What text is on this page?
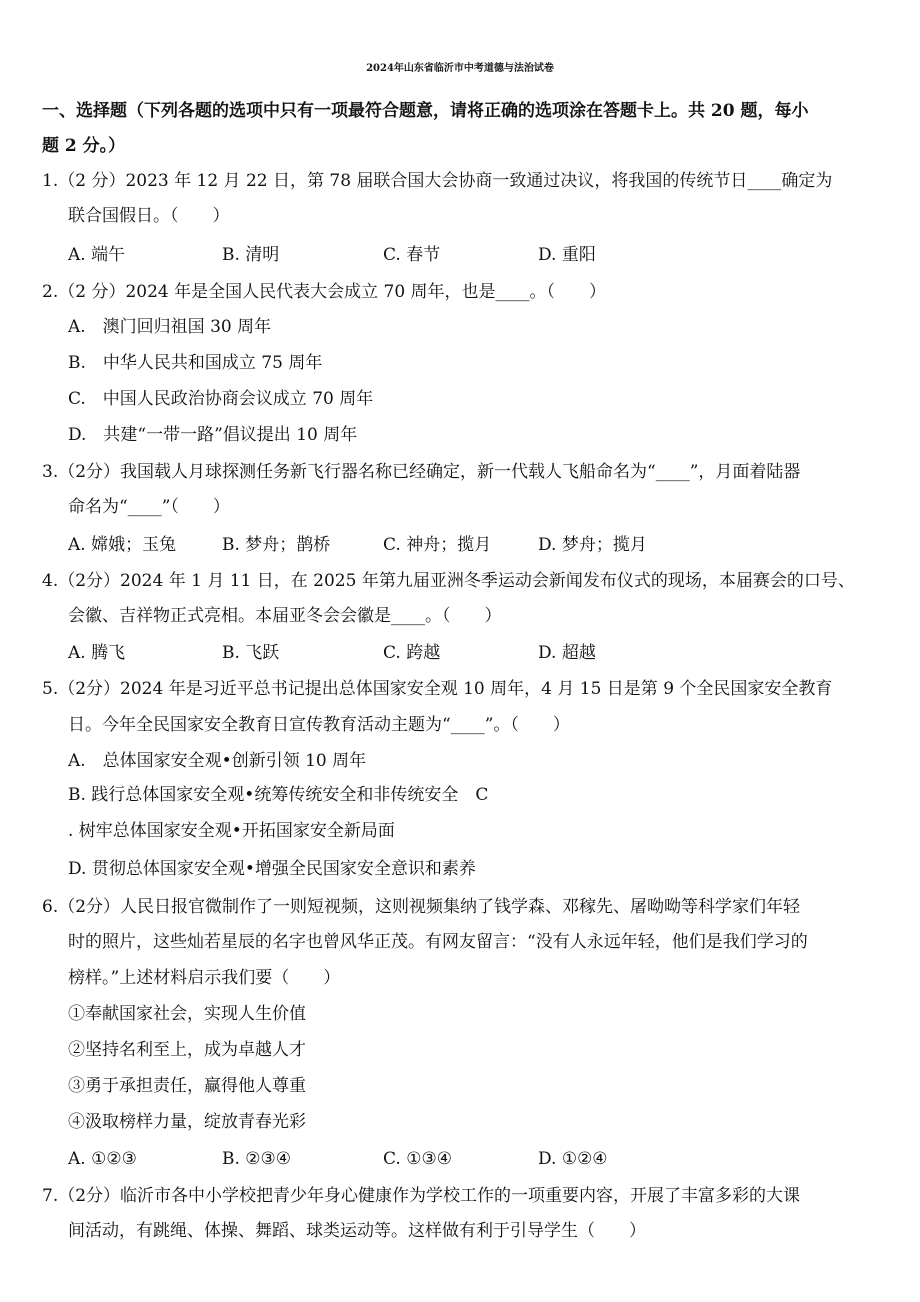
2024年山东省临沂市中考道德与法治试卷
一、选择题（下列各题的选项中只有一项最符合题意，请将正确的选项涂在答题卡上。共 20 题，每小
题 2 分。）
1.（2 分）2023 年 12 月 22 日，第 78 届联合国大会协商一致通过决议，将我国的传统节日____确定为
联合国假日。（　　）
A. 端午	B. 清明	C. 春节	D. 重阳
2.（2 分）2024 年是全国人民代表大会成立 70 周年，也是____。（　　）
A.　澳门回归祖国 30 周年
B.　中华人民共和国成立 75 周年
C.　中国人民政治协商会议成立 70 周年
D.　共建“一带一路”倡议提出 10 周年
3.（2分）我国载人月球探测任务新飞行器名称已经确定，新一代载人飞船命名为“____”，月面着陆器
命名为“____”（　　）
A. 嫦娥；玉兔	B. 梦舟；鹊桥	C. 神舟；揽月	D. 梦舟；揽月
4.（2分）2024 年 1 月 11 日，在 2025 年第九届亚洲冬季运动会新闻发布仪式的现场，本届赛会的口号、
会徽、吉祥物正式亮相。本届亚冬会会徽是____。（　　）
A. 腾飞	B. 飞跃	C. 跨越	D. 超越
5.（2分）2024 年是习近平总书记提出总体国家安全观 10 周年，4 月 15 日是第 9 个全民国家安全教育
日。今年全民国家安全教育日宣传教育活动主题为“____”。（　　）
A.　总体国家安全观•创新引领 10 周年
B. 践行总体国家安全观•统筹传统安全和非传统安全　C
. 树牢总体国家安全观•开拓国家安全新局面
D. 贯彻总体国家安全观•增强全民国家安全意识和素养
6.（2分）人民日报官微制作了一则短视频，这则视频集纳了钱学森、邓稼先、屠呦呦等科学家们年轻
时的照片，这些灿若星辰的名字也曾风华正茂。有网友留言：“没有人永远年轻，他们是我们学习的
榜样。”上述材料启示我们要（　　）
①奉献国家社会，实现人生价值
②坚持名利至上，成为卓越人才
③勇于承担责任，赢得他人尊重
④汲取榜样力量，绽放青春光彩
A. ①②③	B. ②③④	C. ①③④	D. ①②④
7.（2分）临沂市各中小学校把青少年身心健康作为学校工作的一项重要内容，开展了丰富多彩的大课
间活动，有跳绳、体操、舞蹈、球类运动等。这样做有利于引导学生（　　）
